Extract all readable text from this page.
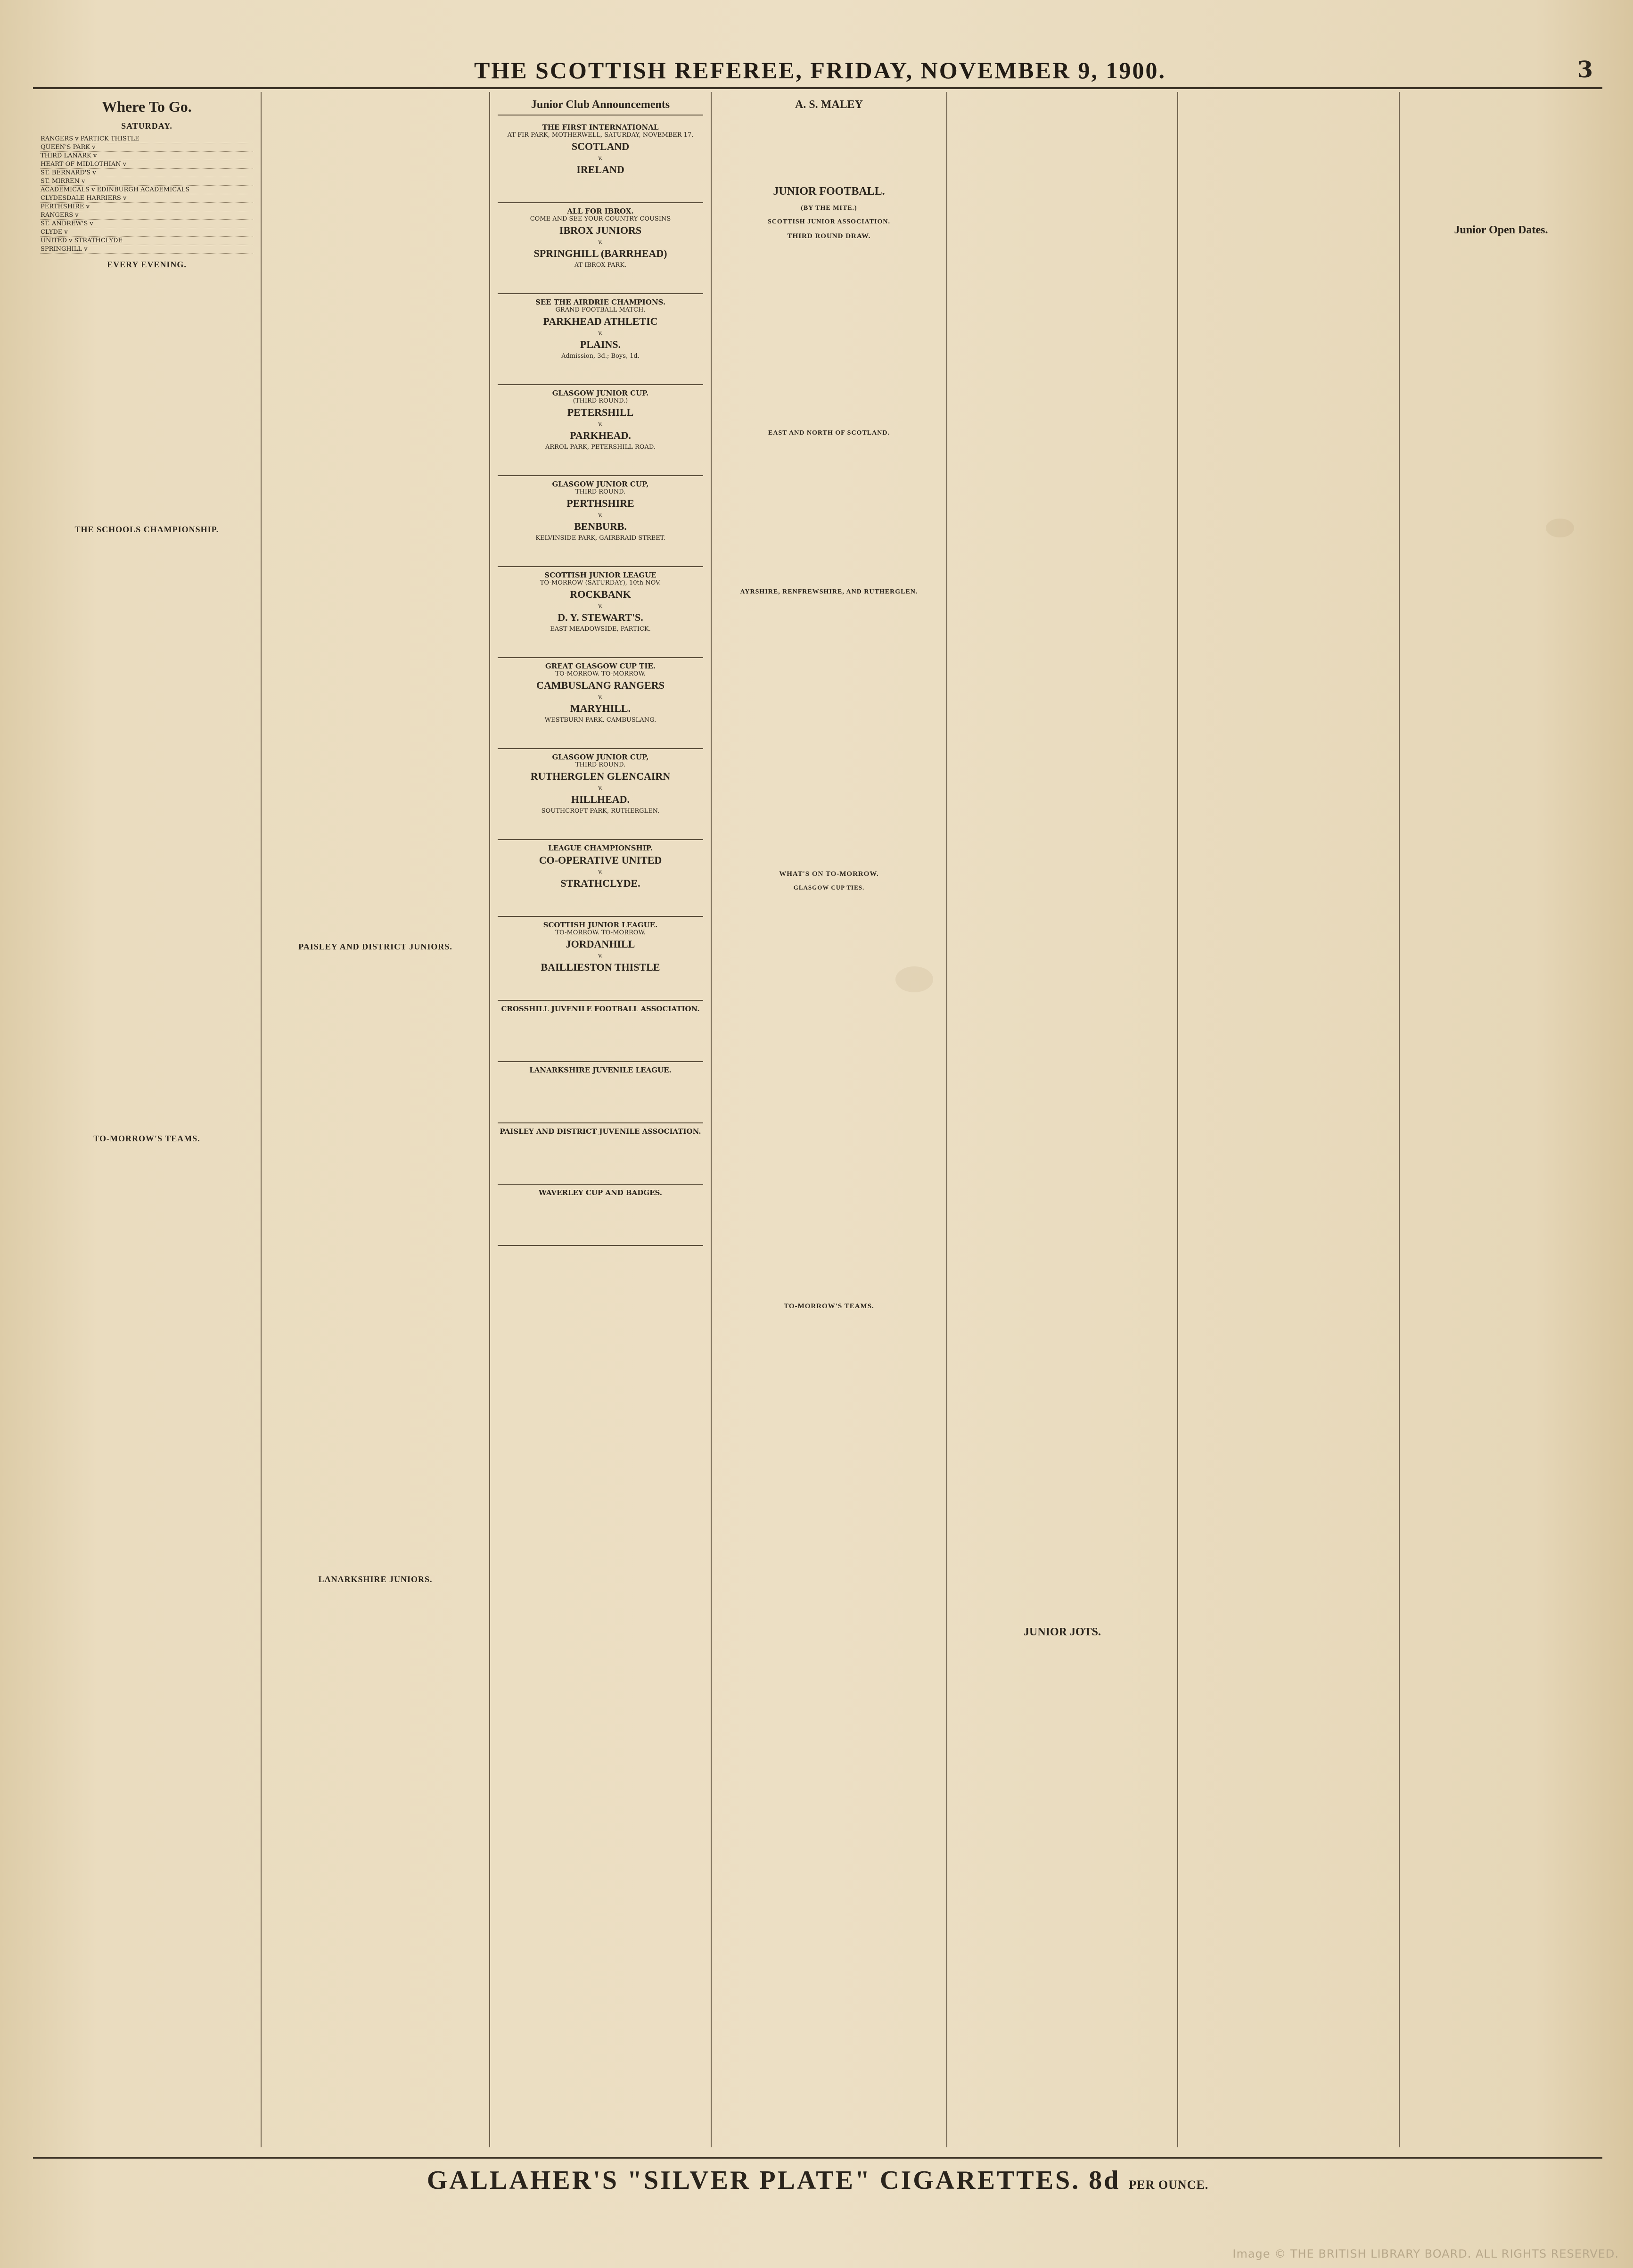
THE SCOTTISH REFEREE, FRIDAY, NOVEMBER 9, 1900.	3
Where To Go.
SATURDAY.
RANGERS v PARTICK THISTLE
QUEEN'S PARK v
THIRD LANARK v
HEART OF MIDLOTHIAN v
ST. BERNARD'S v
ST. MIRREN v
ACADEMICALS v EDINBURGH ACADEMICALS
CLYDESDALE HARRIERS v
PERTHSHIRE v
RANGERS v
ST. ANDREW'S v
CLYDE v
UNITED v STRATHCLYDE
SPRINGHILL v
EVERY EVENING.
THE SCHOOLS CHAMPIONSHIP.
TO-MORROW'S TEAMS.
PAISLEY AND DISTRICT JUNIORS.
LANARKSHIRE JUNIORS.
Junior Club Announcements
THE FIRST INTERNATIONAL
AT FIR PARK, MOTHERWELL, SATURDAY, NOVEMBER 17.
SCOTLAND
v.
IRELAND
ALL FOR IBROX.
COME AND SEE YOUR COUNTRY COUSINS
IBROX JUNIORS
v.
SPRINGHILL (BARRHEAD)
AT IBROX PARK.
SEE THE AIRDRIE CHAMPIONS.
GRAND FOOTBALL MATCH.
PARKHEAD ATHLETIC
v.
PLAINS.
Admission, 3d.; Boys, 1d.
GLASGOW JUNIOR CUP.
(THIRD ROUND.)
PETERSHILL
v.
PARKHEAD.
ARROL PARK, PETERSHILL ROAD.
GLASGOW JUNIOR CUP,
THIRD ROUND.
PERTHSHIRE
v.
BENBURB.
KELVINSIDE PARK, GAIRBRAID STREET.
SCOTTISH JUNIOR LEAGUE
TO-MORROW (SATURDAY), 10th NOV.
ROCKBANK
v.
D. Y. STEWART'S.
EAST MEADOWSIDE, PARTICK.
GREAT GLASGOW CUP TIE.
TO-MORROW. TO-MORROW.
CAMBUSLANG RANGERS
v.
MARYHILL.
WESTBURN PARK, CAMBUSLANG.
GLASGOW JUNIOR CUP,
THIRD ROUND.
RUTHERGLEN GLENCAIRN
v.
HILLHEAD.
SOUTHCROFT PARK, RUTHERGLEN.
LEAGUE CHAMPIONSHIP.
CO-OPERATIVE UNITED
v.
STRATHCLYDE.
SCOTTISH JUNIOR LEAGUE.
TO-MORROW. TO-MORROW.
JORDANHILL
v.
BAILLIESTON THISTLE
CROSSHILL JUVENILE FOOTBALL ASSOCIATION.
LANARKSHIRE JUVENILE LEAGUE.
PAISLEY AND DISTRICT JUVENILE ASSOCIATION.
WAVERLEY CUP AND BADGES.
A. S. MALEY
JUNIOR FOOTBALL.
(BY THE MITE.)
SCOTTISH JUNIOR ASSOCIATION.
THIRD ROUND DRAW.
EAST AND NORTH OF SCOTLAND.
AYRSHIRE, RENFREWSHIRE, AND RUTHERGLEN.
WHAT'S ON TO-MORROW.
GLASGOW CUP TIES.
TO-MORROW'S TEAMS.
JUNIOR JOTS.
Junior Open Dates.
GALLAHER'S "SILVER PLATE" CIGARETTES. 8d PER OUNCE.
Image © THE BRITISH LIBRARY BOARD. ALL RIGHTS RESERVED.
